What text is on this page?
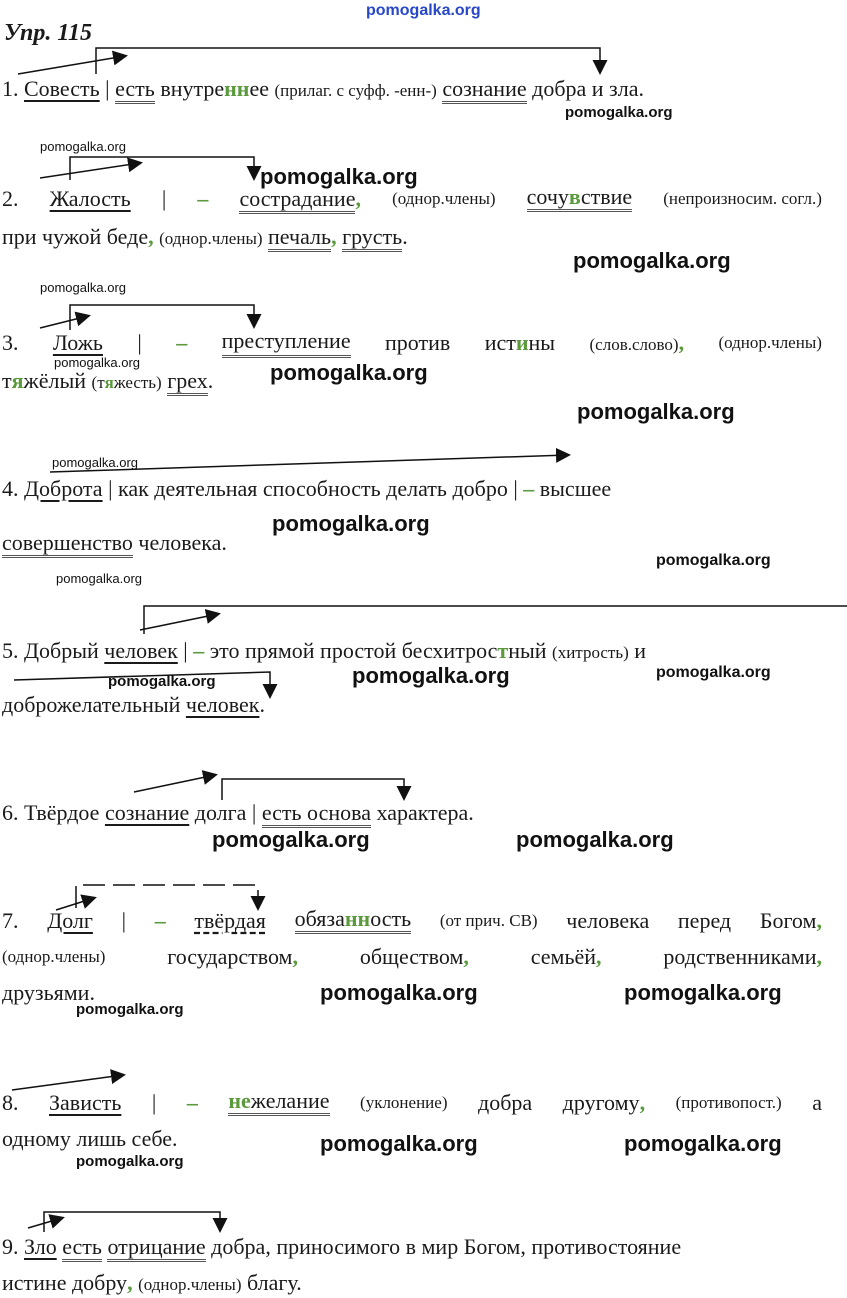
pomogalka.org
Упр. 115
1. Совесть | есть внутреннее (прилаг. с суфф. -енн-) сознание добра и зла.
pomogalka.org
pomogalka.org
pomogalka.org
2. Жалость | – сострадание, (однор.члены) сочувствие (непроизносим. согл.)
при чужой беде, (однор.члены) печаль, грусть.
pomogalka.org
pomogalka.org
3. Ложь | – преступление против истины (слов.слово), (однор.члены)
pomogalka.org
тяжёлый (тяжесть) грех.	pomogalka.org
pomogalka.org
pomogalka.org
4. Доброта | как деятельная способность делать добро | – высшее
pomogalka.org
совершенство человека.
pomogalka.org
pomogalka.org
5. Добрый человек | – это прямой простой бесхитростный (хитрость) и
pomogalka.org	pomogalka.org	pomogalka.org
доброжелательный человек.
6. Твёрдое сознание долга | есть основа характера.
pomogalka.org	pomogalka.org
7. Долг | – твёрдая обязанность (от прич. СВ) человека перед Богом,
(однор.члены)	государством,	обществом,	семьёй,	родственниками,
друзьями.
pomogalka.org
pomogalka.org	pomogalka.org
8. Зависть | – нежелание (уклонение) добра другому, (противопост.) а
одному лишь себе.
pomogalka.org
pomogalka.org	pomogalka.org
9. Зло есть отрицание добра, приносимого в мир Богом, противостояние
истине добру, (однор.члены) благу.
